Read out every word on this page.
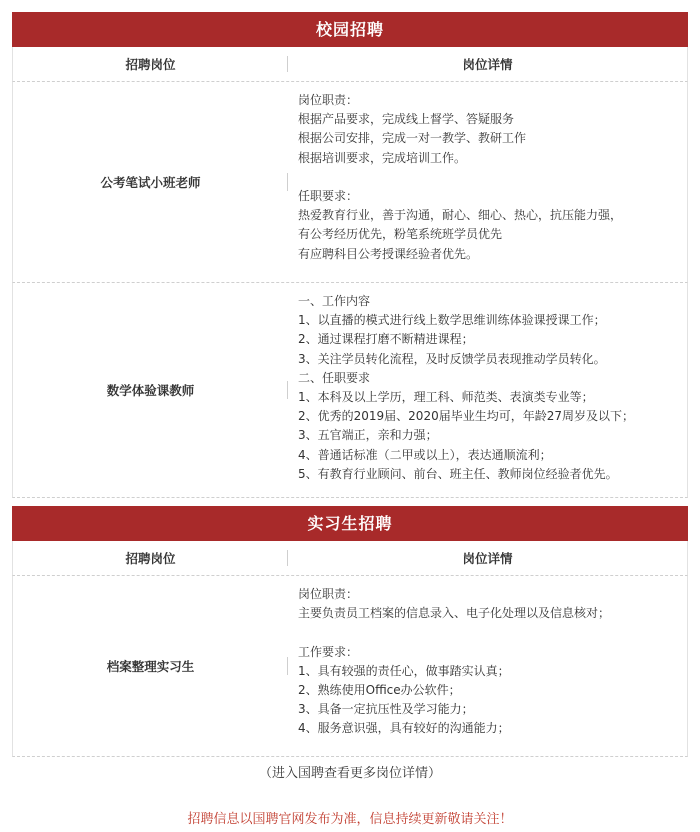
校园招聘
招聘岗位	岗位详情
公考笔试小班老师
岗位职责：
根据产品要求，完成线上督学、答疑服务
根据公司安排，完成一对一教学、教研工作
根据培训要求，完成培训工作。
任职要求：
热爱教育行业，善于沟通，耐心、细心、热心，抗压能力强，
有公考经历优先，粉笔系统班学员优先
有应聘科目公考授课经验者优先。
数学体验课教师
一、工作内容
1、以直播的模式进行线上数学思维训练体验课授课工作；
2、通过课程打磨不断精进课程；
3、关注学员转化流程，及时反馈学员表现推动学员转化。
二、任职要求
1、本科及以上学历，理工科、师范类、表演类专业等；
2、优秀的2019届、2020届毕业生均可，年龄27周岁及以下；
3、五官端正，亲和力强；
4、普通话标准（二甲或以上），表达通顺流利；
5、有教育行业顾问、前台、班主任、教师岗位经验者优先。
实习生招聘
招聘岗位	岗位详情
档案整理实习生
岗位职责：
主要负责员工档案的信息录入、电子化处理以及信息核对；
工作要求：
1、具有较强的责任心，做事踏实认真；
2、熟练使用Office办公软件；
3、具备一定抗压性及学习能力；
4、服务意识强，具有较好的沟通能力；
（进入国聘查看更多岗位详情）
招聘信息以国聘官网发布为准，信息持续更新敬请关注！
